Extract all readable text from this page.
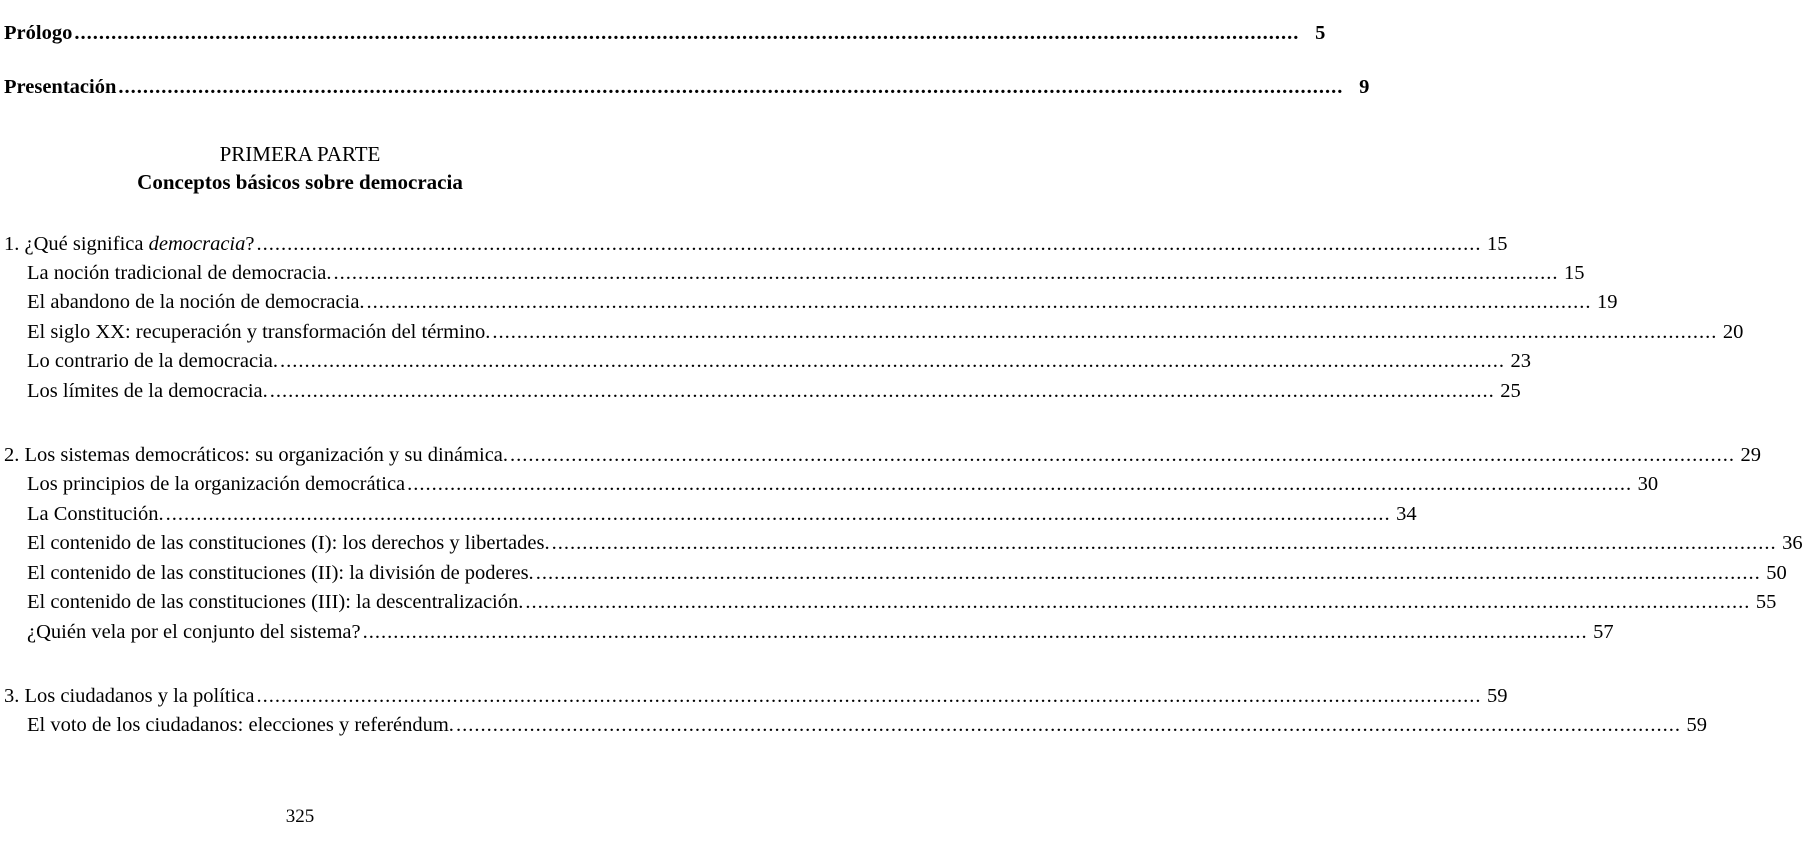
Prólogo ........................................................................................................................................................................................................ 5
Presentación ........................................................................................................................................................................................................ 9
PRIMERA PARTE
Conceptos básicos sobre democracia
1. ¿Qué significa democracia? ........................................................................................................................................................................................................ 15
La noción tradicional de democracia. ........................................................................................................................................................................................................ 15
El abandono de la noción de democracia. ........................................................................................................................................................................................................ 19
El siglo XX: recuperación y transformación del término. ........................................................................................................................................................................................................ 20
Lo contrario de la democracia. ........................................................................................................................................................................................................ 23
Los límites de la democracia. ........................................................................................................................................................................................................ 25
2. Los sistemas democráticos: su organización y su dinámica. ........................................................................................................................................................................................................ 29
Los principios de la organización democrática ........................................................................................................................................................................................................ 30
La Constitución. ........................................................................................................................................................................................................ 34
El contenido de las constituciones (I): los derechos y libertades. ........................................................................................................................................................................................................ 36
El contenido de las constituciones (II): la división de poderes. ........................................................................................................................................................................................................ 50
El contenido de las constituciones (III): la descentralización. ........................................................................................................................................................................................................ 55
¿Quién vela por el conjunto del sistema? ........................................................................................................................................................................................................ 57
3. Los ciudadanos y la política ........................................................................................................................................................................................................ 59
El voto de los ciudadanos: elecciones y referéndum. ........................................................................................................................................................................................................ 59
325
